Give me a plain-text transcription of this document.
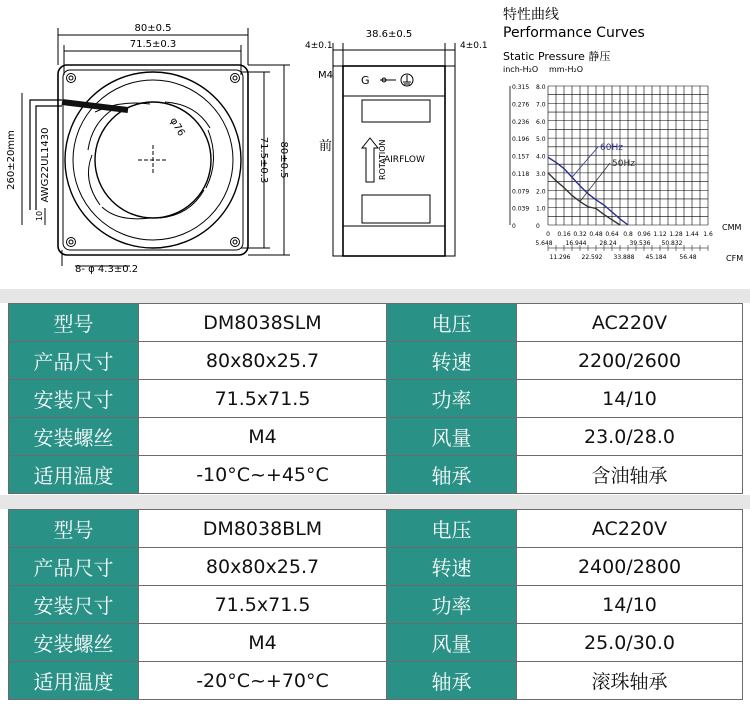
80±0.5
71.5±0.3
φ76
71.5±0.3 80±0.5
8- φ 4.3±0.2
260±20mm AWG22UL1430
10
4±0.1
38.6±0.5
4±0.1
M4
前
G
ROTATION
AIRFLOW
特性曲线
Performance Curves
Static Pressure 静压
inch-H₂O mm-H₂O
CMM
CFM
60Hz
50Hz
0.315 8.0
0.276 7.0
0.236 6.0
0.196 5.0
0.157 4.0
0.118 3.0
0.079 2.0
0.039 1.0
0	0
0 0.16 0.32 0.48 0.64 0.8 0.96 1.12 1.28 1.44 1.6
5.648 16.944 28.24 39.536 50.832
11.296 22.592 33.888 45.184 56.48
型号	DM8038SLM	电压	AC220V
产品尺寸	80x80x25.7	转速	2200/2600
安装尺寸	71.5x71.5	功率	14/10
安装螺丝	M4	风量	23.0/28.0
适用温度	-10°C~+45°C	轴承	含油轴承
型号	DM8038BLM	电压	AC220V
产品尺寸	80x80x25.7	转速	2400/2800
安装尺寸	71.5x71.5	功率	14/10
安装螺丝	M4	风量	25.0/30.0
适用温度	-20°C~+70°C	轴承	滚珠轴承
